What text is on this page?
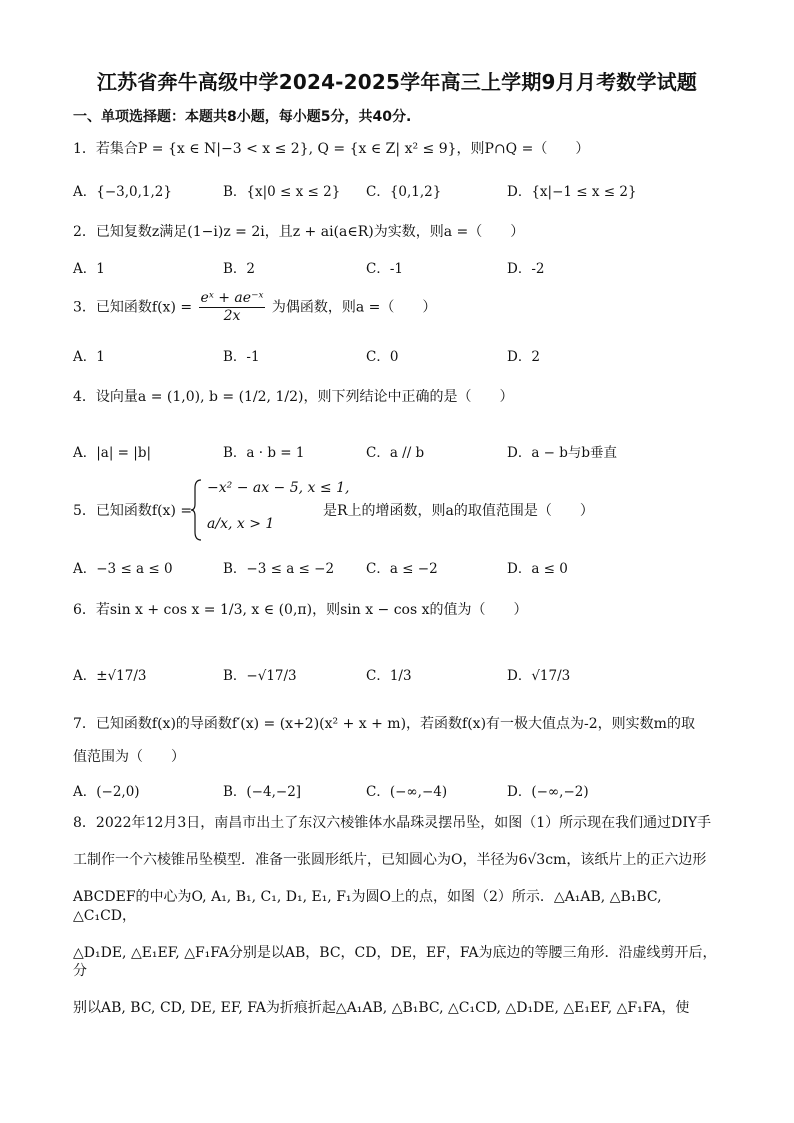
江苏省奔牛高级中学2024-2025学年高三上学期9月月考数学试题
一、单项选择题：本题共8小题，每小题5分，共40分.
1．若集合P = {x ∈ N|−3 < x ≤ 2}, Q = {x ∈ Z| x² ≤ 9}，则P∩Q =（　　）
A．{−3,0,1,2}	B．{x|0 ≤ x ≤ 2} C．{0,1,2}	D．{x|−1 ≤ x ≤ 2}
2．已知复数z满足(1−i)z = 2i，且z + ai(a∈R)为实数，则a =（　　）
A．1	B．2	C．-1	D．-2
3．已知函数$f(x) = \frac{\text{eˣ + ae⁻ˣ}}{2x}$ 为偶函数，则a =（　　）
A．1	B．-1	C．0	D．2
4．设向量a = (1,0), b = (1/2, 1/2)，则下列结论中正确的是（　　）
A．|a| = |b|	B．a · b = 1	C．a // b	D．a − b与b垂直
5．已知函数f(x) =
−x² − ax − 5, x ≤ 1,
a/x, x > 1
是R上的增函数，则a的取值范围是（　　）
A．−3 ≤ a ≤ 0	B．−3 ≤ a ≤ −2 C．a ≤ −2	D．a ≤ 0
6．若sin x + cos x = 1/3, x ∈ (0,π)，则sin x − cos x的值为（　　）
A．±√17/3	B．−√17/3	C．1/3	D．√17/3
7．已知函数f(x)的导函数f′(x) = (x+2)(x² + x + m)，若函数f(x)有一极大值点为-2，则实数m的取
值范围为（　　）
A．(−2,0)	B．(−4,−2]	C．(−∞,−4)	D．(−∞,−2)
8．2022年12月3日，南昌市出土了东汉六棱锥体水晶珠灵摆吊坠，如图（1）所示现在我们通过DIY手
工制作一个六棱锥吊坠模型．准备一张圆形纸片，已知圆心为O，半径为6√3cm，该纸片上的正六边形
ABCDEF的中心为O, A₁, B₁, C₁, D₁, E₁, F₁为圆O上的点，如图（2）所示．△A₁AB, △B₁BC, △C₁CD，
△D₁DE, △E₁EF, △F₁FA分别是以AB，BC，CD，DE，EF，FA为底边的等腰三角形．沿虚线剪开后，分
别以AB, BC, CD, DE, EF, FA为折痕折起△A₁AB, △B₁BC, △C₁CD, △D₁DE, △E₁EF, △F₁FA，使
